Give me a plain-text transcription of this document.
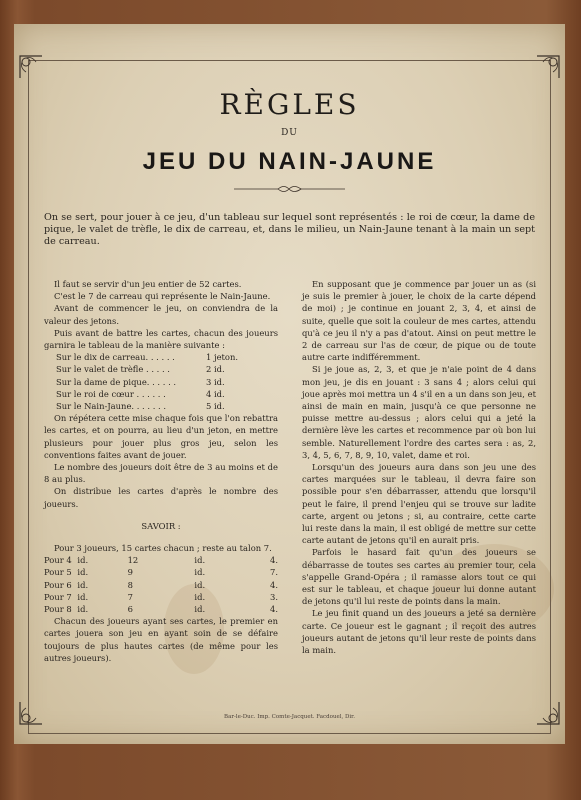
RÈGLES
DU
JEU DU NAIN-JAUNE
On se sert, pour jouer à ce jeu, d'un tableau sur lequel sont représentés : le roi de cœur, la dame de pique, le valet de trèfle, le dix de carreau, et, dans le milieu, un Nain-Jaune tenant à la main un sept de carreau.

Il faut se servir d'un jeu entier de 52 cartes.

C'est le 7 de carreau qui représente le Nain-Jaune.

Avant de commencer le jeu, on conviendra de la valeur des jetons.

Puis avant de battre les cartes, chacun des joueurs garnira le tableau de la manière suivante :

Sur le dix de carreau. . . . . .	1 jeton.
Sur le valet de trèfle . . . . .	2 id.
Sur la dame de pique. . . . . .	3 id.
Sur le roi de cœur . . . . . .	4 id.
Sur le Nain-Jaune. . . . . . .	5 id.

On répétera cette mise chaque fois que l'on rebattra les cartes, et on pourra, au lieu d'un jeton, en mettre plusieurs pour jouer plus gros jeu, selon les conventions faites avant de jouer.

Le nombre des joueurs doit être de 3 au moins et de 8 au plus.

On distribue les cartes d'après le nombre des joueurs.

SAVOIR :

Pour 3 joueurs, 15 cartes chacun ; reste au talon 7.

Pour 4 id.	12	id.	4.
Pour 5 id.	9	id.	7.
Pour 6 id.	8	id.	4.
Pour 7 id.	7	id.	3.
Pour 8 id.	6	id.	4.

Chacun des joueurs ayant ses cartes, le premier en cartes jouera son jeu en ayant soin de se défaire toujours de plus hautes cartes (de même pour les autres joueurs).

En supposant que je commence par jouer un as (si je suis le premier à jouer, le choix de la carte dépend de moi) ; je continue en jouant 2, 3, 4, et ainsi de suite, quelle que soit la couleur de mes cartes, attendu qu'à ce jeu il n'y a pas d'atout. Ainsi on peut mettre le 2 de carreau sur l'as de cœur, de pique ou de toute autre carte indifféremment.

Si je joue as, 2, 3, et que je n'aie point de 4 dans mon jeu, je dis en jouant : 3 sans 4 ; alors celui qui joue après moi mettra un 4 s'il en a un dans son jeu, et ainsi de main en main, jusqu'à ce que personne ne puisse mettre au-dessus ; alors celui qui a jeté la dernière lève les cartes et recommence par où bon lui semble. Naturellement l'ordre des cartes sera : as, 2, 3, 4, 5, 6, 7, 8, 9, 10, valet, dame et roi.

Lorsqu'un des joueurs aura dans son jeu une des cartes marquées sur le tableau, il devra faire son possible pour s'en débarrasser, attendu que lorsqu'il peut le faire, il prend l'enjeu qui se trouve sur ladite carte, argent ou jetons ; si, au contraire, cette carte lui reste dans la main, il est obligé de mettre sur cette carte autant de jetons qu'il en aurait pris.

Parfois le hasard fait qu'un des joueurs se débarrasse de toutes ses cartes au premier tour, cela s'appelle Grand-Opéra ; il ramasse alors tout ce qui est sur le tableau, et chaque joueur lui donne autant de jetons qu'il lui reste de points dans la main.

Le jeu finit quand un des joueurs a jeté sa dernière carte. Ce joueur est le gagnant ; il reçoit des autres joueurs autant de jetons qu'il leur reste de points dans la main.

Bar-le-Duc. Imp. Comte-Jacquet. Facdouel, Dir.
